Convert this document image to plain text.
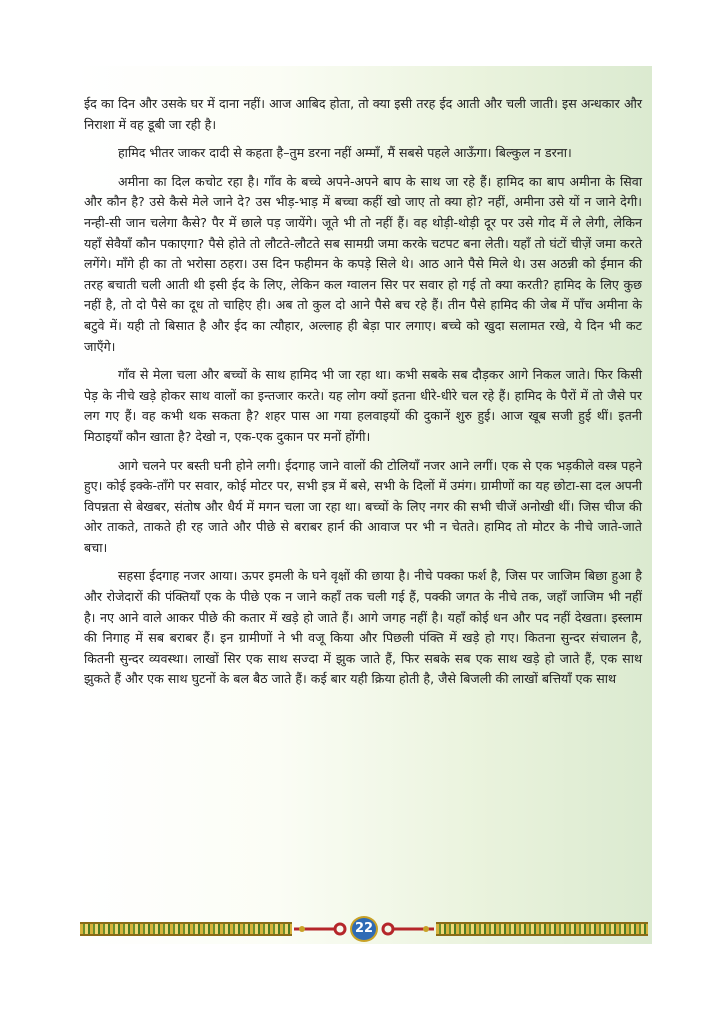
ईद का दिन और उसके घर में दाना नहीं। आज आबिद होता, तो क्या इसी तरह ईद आती और चली जाती। इस अन्धकार और निराशा में वह डूबी जा रही है।

हामिद भीतर जाकर दादी से कहता है–तुम डरना नहीं अम्माँ, मैं सबसे पहले आऊँगा। बिल्कुल न डरना।

अमीना का दिल कचोट रहा है। गाँव के बच्चे अपने-अपने बाप के साथ जा रहे हैं। हामिद का बाप अमीना के सिवा और कौन है? उसे कैसे मेले जाने दे? उस भीड़-भाड़ में बच्चा कहीं खो जाए तो क्या हो? नहीं, अमीना उसे यों न जाने देगी। नन्ही-सी जान चलेगा कैसे? पैर में छाले पड़ जायेंगे। जूते भी तो नहीं हैं। वह थोड़ी-थोड़ी दूर पर उसे गोद में ले लेगी, लेकिन यहाँ सेवैयाँ कौन पकाएगा? पैसे होते तो लौटते-लौटते सब सामग्री जमा करके चटपट बना लेती। यहाँ तो घंटों चीज़ें जमा करते लगेंगे। माँगे ही का तो भरोसा ठहरा। उस दिन फहीमन के कपड़े सिले थे। आठ आने पैसे मिले थे। उस अठन्नी को ईमान की तरह बचाती चली आती थी इसी ईद के लिए, लेकिन कल ग्वालन सिर पर सवार हो गई तो क्या करती? हामिद के लिए कुछ नहीं है, तो दो पैसे का दूध तो चाहिए ही। अब तो कुल दो आने पैसे बच रहे हैं। तीन पैसे हामिद की जेब में पाँच अमीना के बटुवे में। यही तो बिसात है और ईद का त्यौहार, अल्लाह ही बेड़ा पार लगाए। बच्चे को खुदा सलामत रखे, ये दिन भी कट जाएँगे।

गाँव से मेला चला और बच्चों के साथ हामिद भी जा रहा था। कभी सबके सब दौड़कर आगे निकल जाते। फिर किसी पेड़ के नीचे खड़े होकर साथ वालों का इन्तजार करते। यह लोग क्यों इतना धीरे-धीरे चल रहे हैं। हामिद के पैरों में तो जैसे पर लग गए हैं। वह कभी थक सकता है? शहर पास आ गया हलवाइयों की दुकानें शुरु हुई। आज खूब सजी हुई थीं। इतनी मिठाइयाँ कौन खाता है? देखो न, एक-एक दुकान पर मनों होंगी।

आगे चलने पर बस्ती घनी होने लगी। ईदगाह जाने वालों की टोलियाँ नजर आने लगीं। एक से एक भड़कीले वस्त्र पहने हुए। कोई इक्के-ताँगे पर सवार, कोई मोटर पर, सभी इत्र में बसे, सभी के दिलों में उमंग। ग्रामीणों का यह छोटा-सा दल अपनी विपन्नता से बेखबर, संतोष और धैर्य में मगन चला जा रहा था। बच्चों के लिए नगर की सभी चीजें अनोखी थीं। जिस चीज की ओर ताकते, ताकते ही रह जाते और पीछे से बराबर हार्न की आवाज पर भी न चेतते। हामिद तो मोटर के नीचे जाते-जाते बचा।

सहसा ईदगाह नजर आया। ऊपर इमली के घने वृक्षों की छाया है। नीचे पक्का फर्श है, जिस पर जाजिम बिछा हुआ है और रोजेदारों की पंक्तियाँ एक के पीछे एक न जाने कहाँ तक चली गई हैं, पक्की जगत के नीचे तक, जहाँ जाजिम भी नहीं है। नए आने वाले आकर पीछे की कतार में खड़े हो जाते हैं। आगे जगह नहीं है। यहाँ कोई धन और पद नहीं देखता। इस्लाम की निगाह में सब बराबर हैं। इन ग्रामीणों ने भी वजू किया और पिछली पंक्ति में खड़े हो गए। कितना सुन्दर संचालन है, कितनी सुन्दर व्यवस्था। लाखों सिर एक साथ सज्दा में झुक जाते हैं, फिर सबके सब एक साथ खड़े हो जाते हैं, एक साथ झुकते हैं और एक साथ घुटनों के बल बैठ जाते हैं। कई बार यही क्रिया होती है, जैसे बिजली की लाखों बत्तियाँ एक साथ

22
